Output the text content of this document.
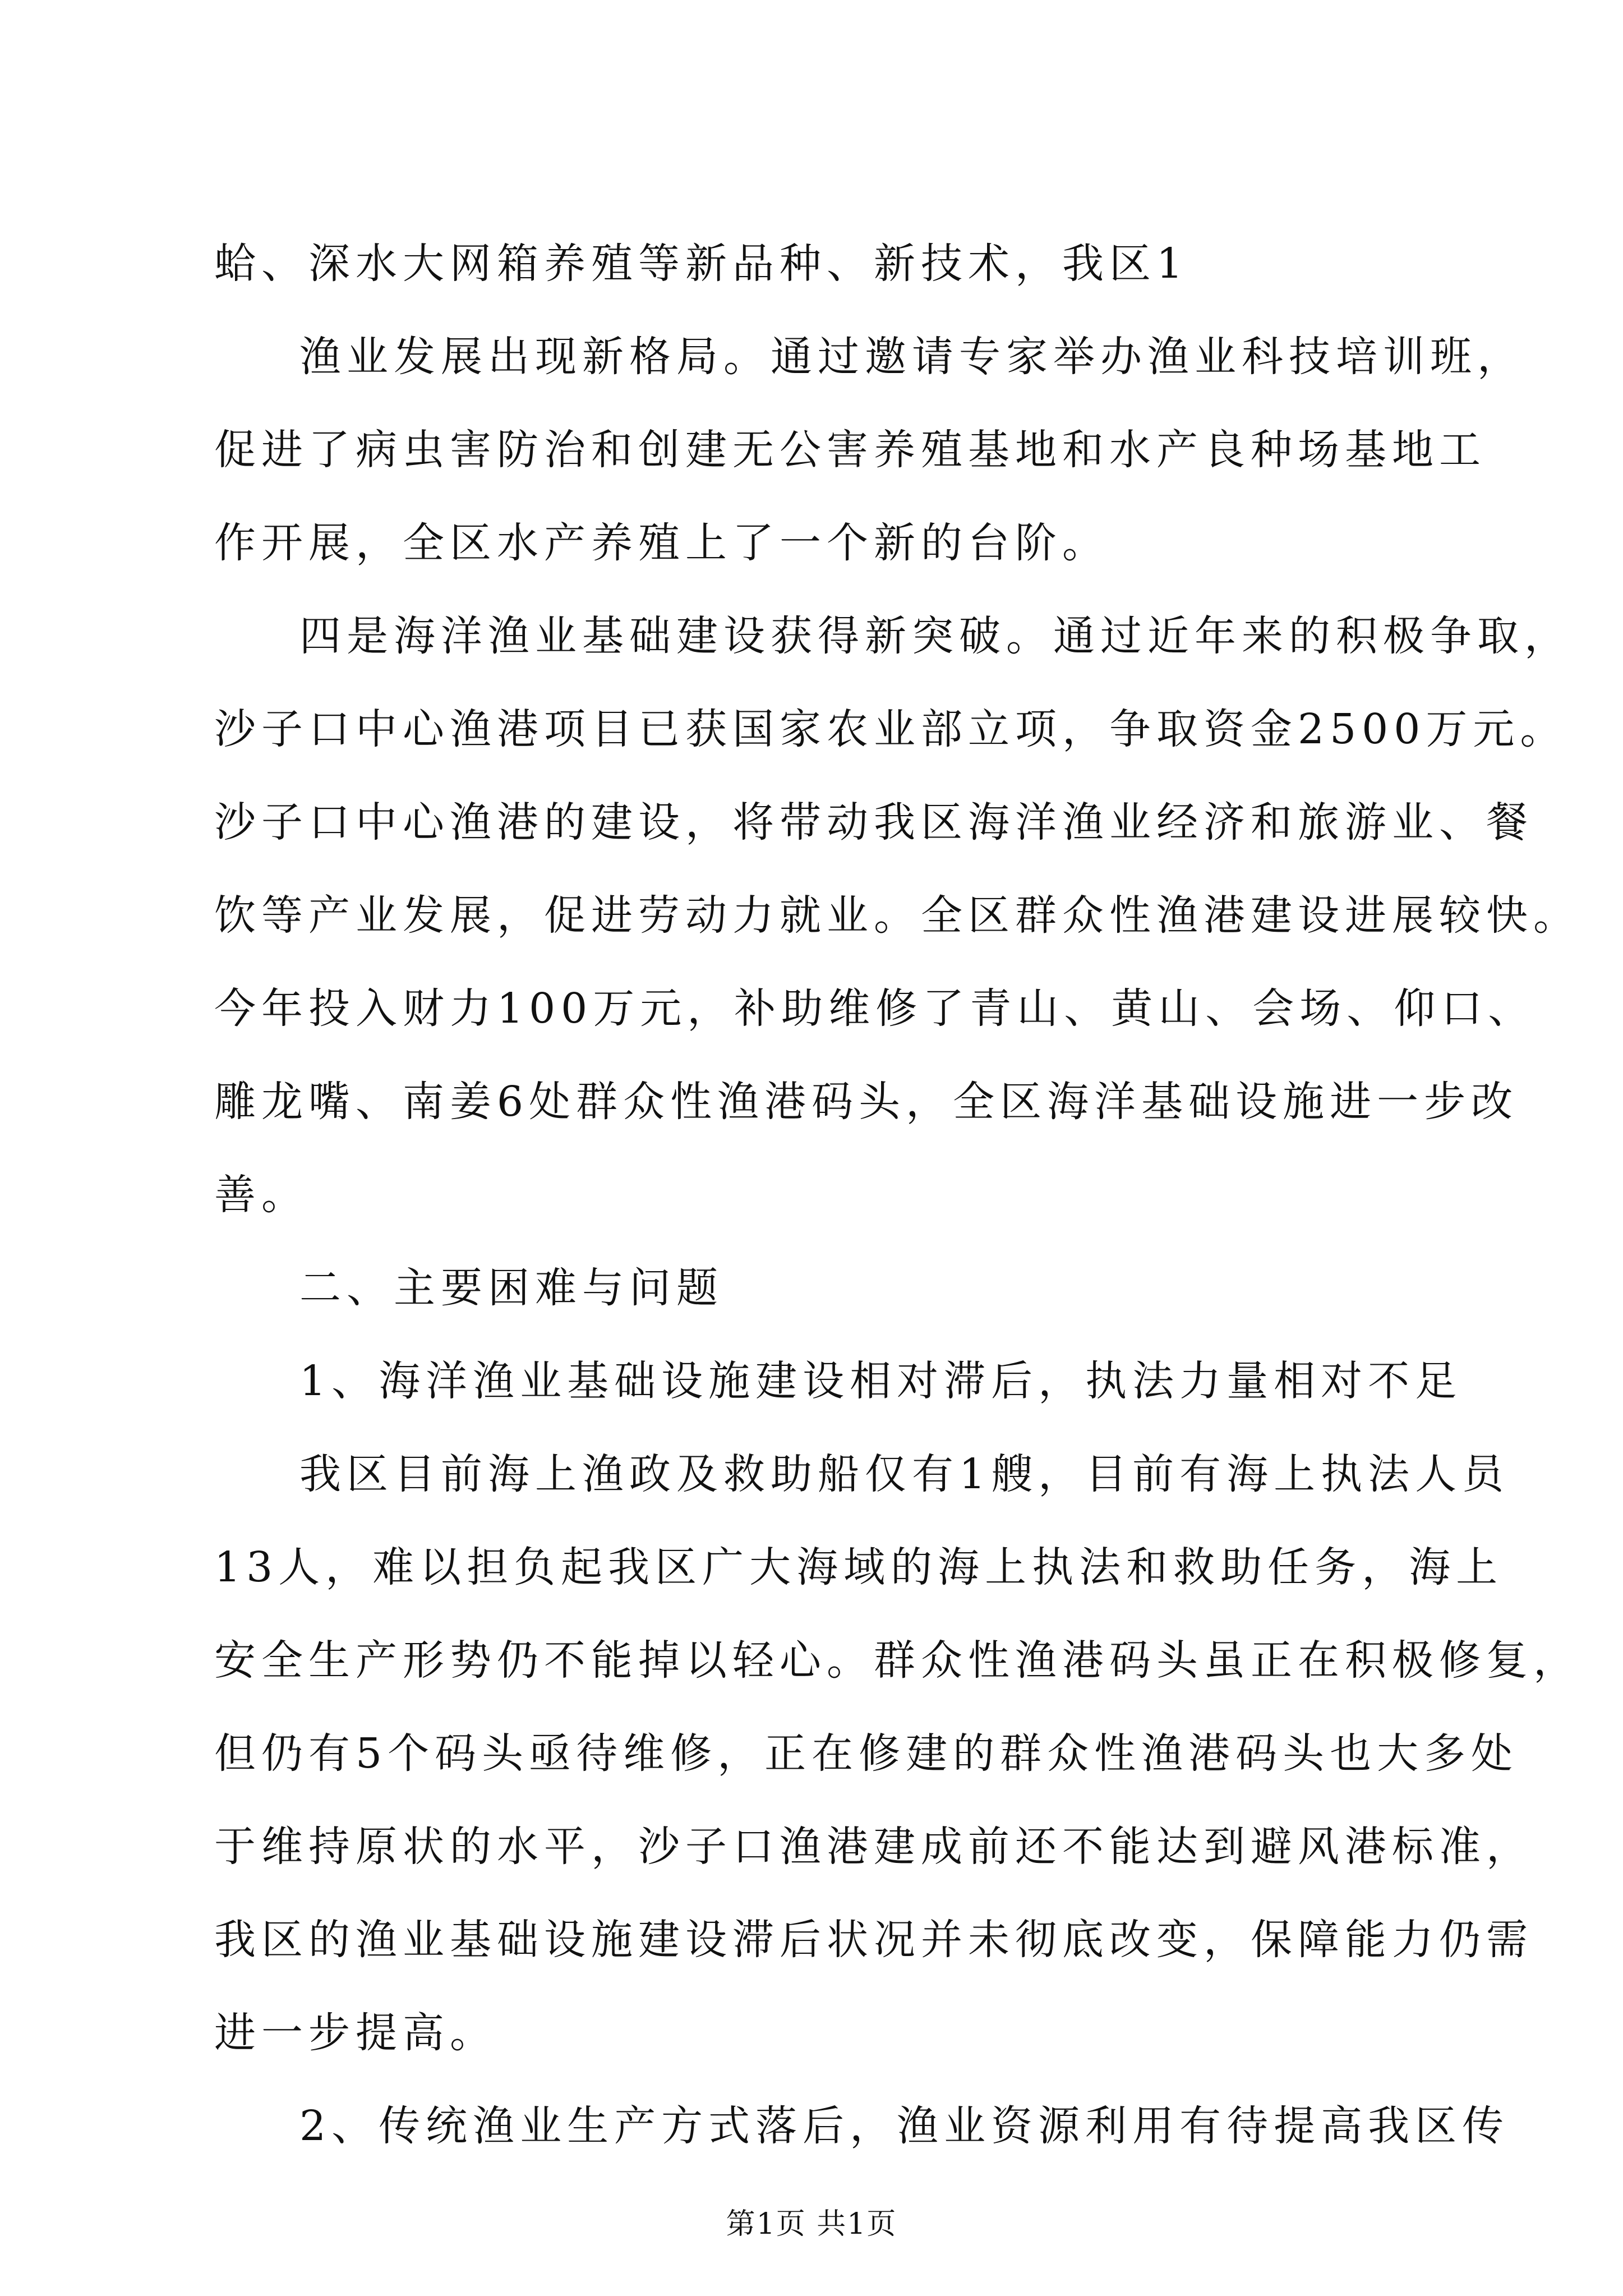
蛤、深水大网箱养殖等新品种、新技术，我区1
渔业发展出现新格局。通过邀请专家举办渔业科技培训班，
促进了病虫害防治和创建无公害养殖基地和水产良种场基地工
作开展，全区水产养殖上了一个新的台阶。
四是海洋渔业基础建设获得新突破。通过近年来的积极争取，
沙子口中心渔港项目已获国家农业部立项，争取资金2500万元。
沙子口中心渔港的建设，将带动我区海洋渔业经济和旅游业、餐
饮等产业发展，促进劳动力就业。全区群众性渔港建设进展较快。
今年投入财力100万元，补助维修了青山、黄山、会场、仰口、
雕龙嘴、南姜6处群众性渔港码头，全区海洋基础设施进一步改
善。
二、主要困难与问题
1、海洋渔业基础设施建设相对滞后，执法力量相对不足
我区目前海上渔政及救助船仅有1艘，目前有海上执法人员
13人，难以担负起我区广大海域的海上执法和救助任务，海上
安全生产形势仍不能掉以轻心。群众性渔港码头虽正在积极修复，
但仍有5个码头亟待维修，正在修建的群众性渔港码头也大多处
于维持原状的水平，沙子口渔港建成前还不能达到避风港标准，
我区的渔业基础设施建设滞后状况并未彻底改变，保障能力仍需
进一步提高。
2、传统渔业生产方式落后，渔业资源利用有待提高我区传
第1页 共1页
